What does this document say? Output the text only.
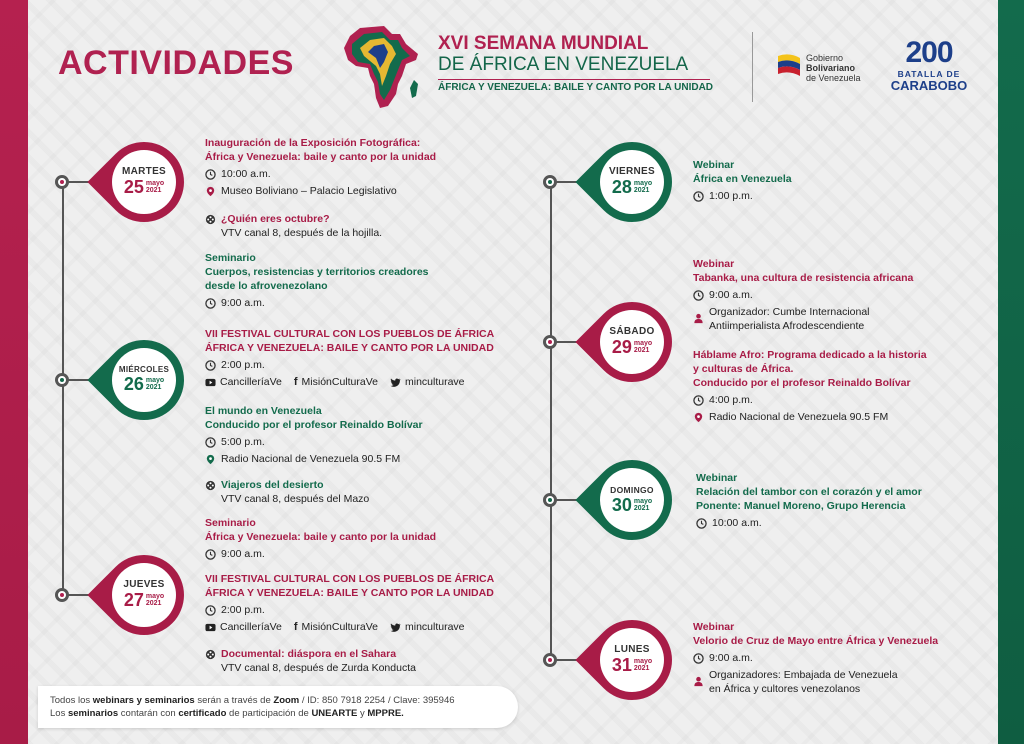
ACTIVIDADES
XVI SEMANA MUNDIAL
DE ÁFRICA EN VENEZUELA
ÁFRICA Y VENEZUELA: BAILE Y CANTO POR LA UNIDAD
Gobierno
Bolivariano
de Venezuela
200
BATALLA DE
CARABOBO
MARTES
25 mayo
2021
MIÉRCOLES
26 mayo
2021
JUEVES
27 mayo
2021
VIERNES
28 mayo
2021
SÁBADO
29 mayo
2021
DOMINGO
30 mayo
2021
LUNES
31 mayo
2021
Inauguración de la Exposición Fotográfica:
África y Venezuela: baile y canto por la unidad
10:00 a.m.
Museo Boliviano – Palacio Legislativo
¿Quién eres octubre?
VTV canal 8, después de la hojilla.
Seminario
Cuerpos, resistencias y territorios creadores
desde lo afrovenezolano
9:00 a.m.
VII FESTIVAL CULTURAL CON LOS PUEBLOS DE ÁFRICA
ÁFRICA Y VENEZUELA: BAILE Y CANTO POR LA UNIDAD
2:00 p.m.
CancilleríaVe f MisiónCulturaVe	minculturave
El mundo en Venezuela
Conducido por el profesor Reinaldo Bolívar
5:00 p.m.
Radio Nacional de Venezuela 90.5 FM
Viajeros del desierto
VTV canal 8, después del Mazo
Seminario
África y Venezuela: baile y canto por la unidad
9:00 a.m.
VII FESTIVAL CULTURAL CON LOS PUEBLOS DE ÁFRICA
ÁFRICA Y VENEZUELA: BAILE Y CANTO POR LA UNIDAD
2:00 p.m.
CancilleríaVe f MisiónCulturaVe	minculturave
Documental: diáspora en el Sahara
VTV canal 8, después de Zurda Konducta
Webinar
África en Venezuela
1:00 p.m.
Webinar
Tabanka, una cultura de resistencia africana
9:00 a.m.
Organizador: Cumbe Internacional
Antiimperialista Afrodescendiente
Háblame Afro: Programa dedicado a la historia
y culturas de África.
Conducido por el profesor Reinaldo Bolívar
4:00 p.m.
Radio Nacional de Venezuela 90.5 FM
Webinar
Relación del tambor con el corazón y el amor
Ponente: Manuel Moreno, Grupo Herencia
10:00 a.m.
Webinar
Velorio de Cruz de Mayo entre África y Venezuela
9:00 a.m.
Organizadores: Embajada de Venezuela
en África y cultores venezolanos

Todos los webinars y seminarios serán a través de Zoom / ID: 850 7918 2254 / Clave: 395946

Los seminarios contarán con certificado de participación de UNEARTE y MPPRE.
